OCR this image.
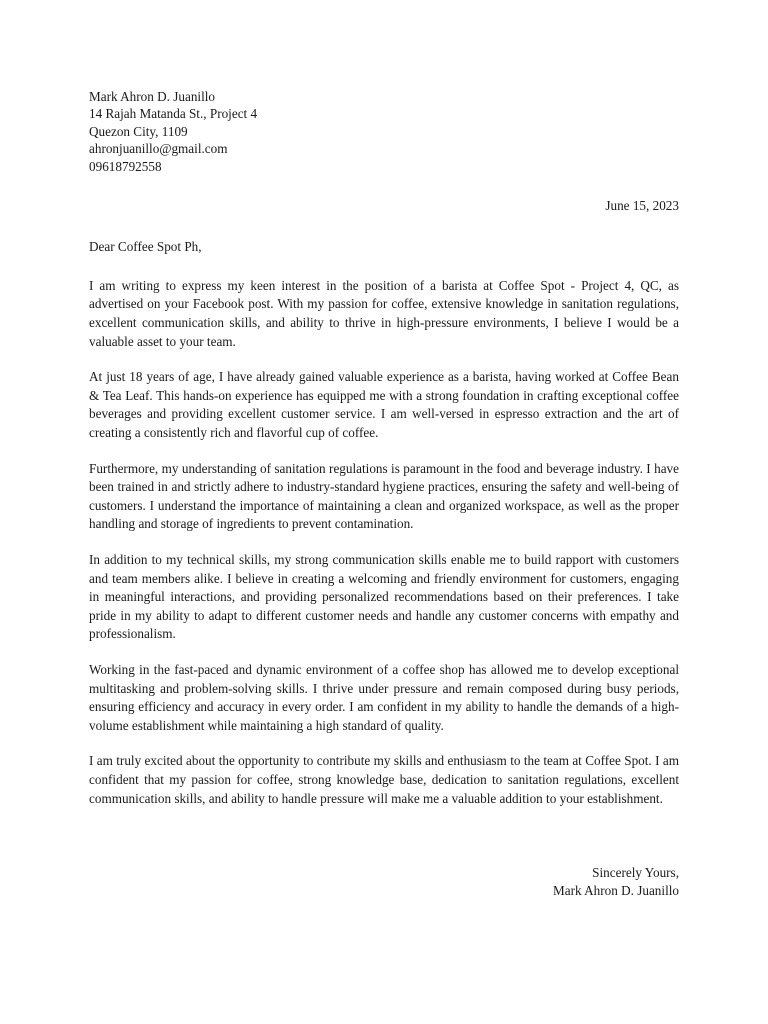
Mark Ahron D. Juanillo
14 Rajah Matanda St., Project 4
Quezon City, 1109
ahronjuanillo@gmail.com
09618792558
June 15, 2023
Dear Coffee Spot Ph,

I am writing to express my keen interest in the position of a barista at Coffee Spot - Project 4, QC, as advertised on your Facebook post. With my passion for coffee, extensive knowledge in sanitation regulations, excellent communication skills, and ability to thrive in high-pressure environments, I believe I would be a valuable asset to your team.

At just 18 years of age, I have already gained valuable experience as a barista, having worked at Coffee Bean & Tea Leaf. This hands-on experience has equipped me with a strong foundation in crafting exceptional coffee beverages and providing excellent customer service. I am well-versed in espresso extraction and the art of creating a consistently rich and flavorful cup of coffee.

Furthermore, my understanding of sanitation regulations is paramount in the food and beverage industry. I have been trained in and strictly adhere to industry-standard hygiene practices, ensuring the safety and well-being of customers. I understand the importance of maintaining a clean and organized workspace, as well as the proper handling and storage of ingredients to prevent contamination.

In addition to my technical skills, my strong communication skills enable me to build rapport with customers and team members alike. I believe in creating a welcoming and friendly environment for customers, engaging in meaningful interactions, and providing personalized recommendations based on their preferences. I take pride in my ability to adapt to different customer needs and handle any customer concerns with empathy and professionalism.

Working in the fast-paced and dynamic environment of a coffee shop has allowed me to develop exceptional multitasking and problem-solving skills. I thrive under pressure and remain composed during busy periods, ensuring efficiency and accuracy in every order. I am confident in my ability to handle the demands of a high-volume establishment while maintaining a high standard of quality.

I am truly excited about the opportunity to contribute my skills and enthusiasm to the team at Coffee Spot. I am confident that my passion for coffee, strong knowledge base, dedication to sanitation regulations, excellent communication skills, and ability to handle pressure will make me a valuable addition to your establishment.

Sincerely Yours,
Mark Ahron D. Juanillo
